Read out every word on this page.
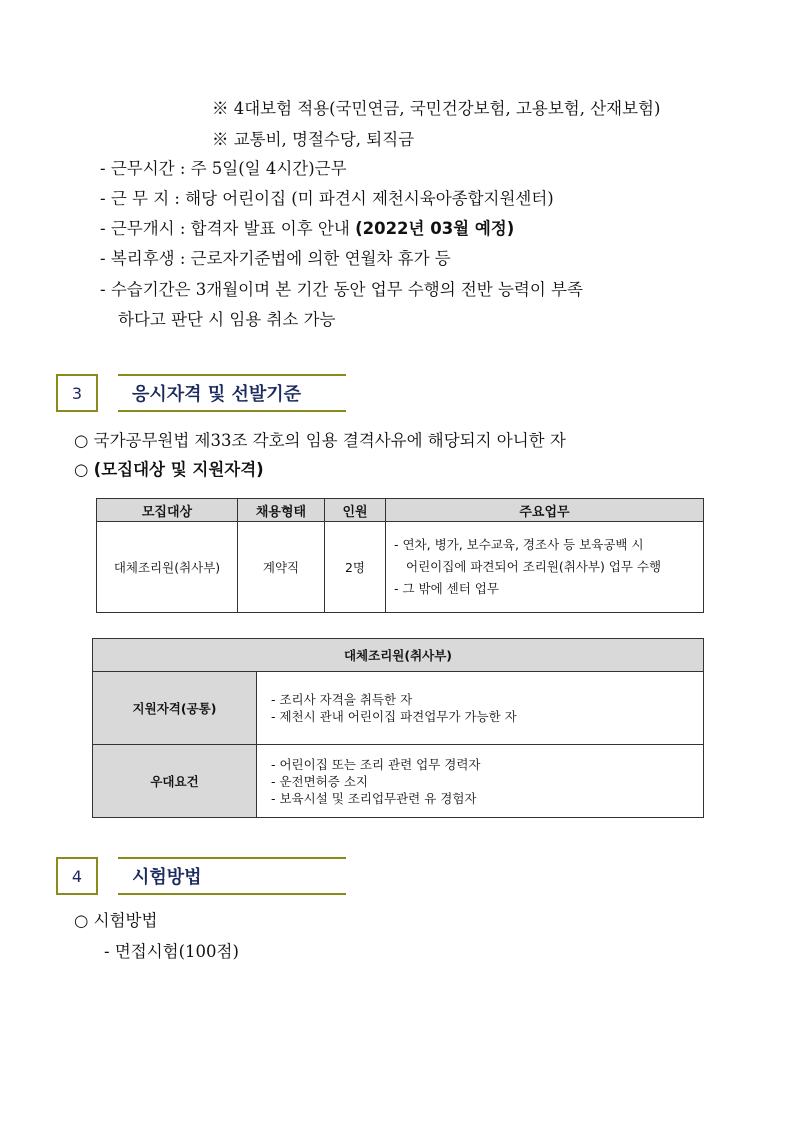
※ 4대보험 적용(국민연금, 국민건강보험, 고용보험, 산재보험)
※ 교통비, 명절수당, 퇴직금
- 근무시간 : 주 5일(일 4시간)근무
- 근 무 지 : 해당 어린이집 (미 파견시 제천시육아종합지원센터)
- 근무개시 : 합격자 발표 이후 안내 (2022년 03월 예정)
- 복리후생 : 근로자기준법에 의한 연월차 휴가 등
- 수습기간은 3개월이며 본 기간 동안 업무 수행의 전반 능력이 부족
하다고 판단 시 임용 취소 가능
3	응시자격 및 선발기준
○ 국가공무원법 제33조 각호의 임용 결격사유에 해당되지 아니한 자
○ (모집대상 및 지원자격)
모집대상	채용형태	인원	주요업무
대체조리원(취사부)	계약직	2명	- 연차, 병가, 보수교육, 경조사 등 보육공백 시
어린이집에 파견되어 조리원(취사부) 업무 수행
- 그 밖에 센터 업무
대체조리원(취사부)	
지원자격(공통)	- 조리사 자격을 취득한 자
- 제천시 관내 어린이집 파견업무가 가능한 자

우대요건	- 어린이집 또는 조리 관련 업무 경력자
- 운전면허증 소지
- 보육시설 및 조리업무관련 유 경험자
4	시험방법
○ 시험방법
- 면접시험(100점)
